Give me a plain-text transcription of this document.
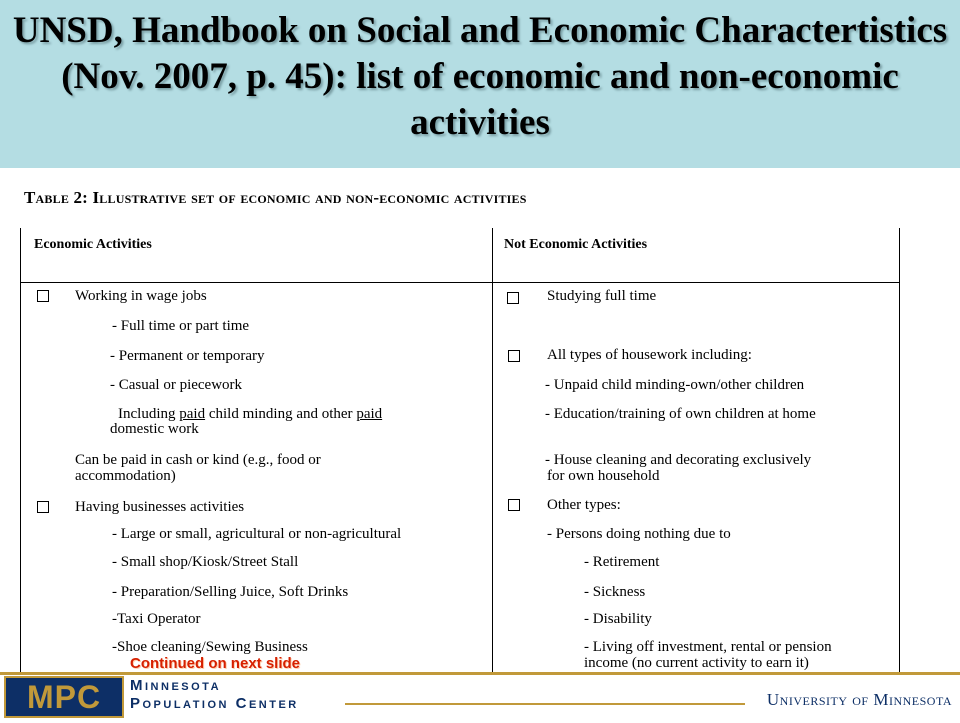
UNSD, Handbook on Social and Economic Charactertistics (Nov. 2007, p. 45): list of economic and non-economic activities
Table 2: Illustrative set of economic and non-economic activities
Economic Activities	Not Economic Activities
Working in wage jobs
- Full time or part time
- Permanent or temporary
- Casual or piecework
Including paid child minding and other paid
domestic work
Can be paid in cash or kind (e.g., food or
accommodation)
Having businesses activities
- Large or small, agricultural or non-agricultural
- Small shop/Kiosk/Street Stall
- Preparation/Selling Juice, Soft Drinks
-Taxi Operator
-Shoe cleaning/Sewing Business
Studying full time
All types of housework including:
- Unpaid child minding-own/other children
- Education/training of own children at home
- House cleaning and decorating exclusively
for own household
Other types:
- Persons doing nothing due to
- Retirement
- Sickness
- Disability
- Living off investment, rental or pension
income (no current activity to earn it)
Continued on next slide
MPC Minnesota
Population Center	University of Minnesota
